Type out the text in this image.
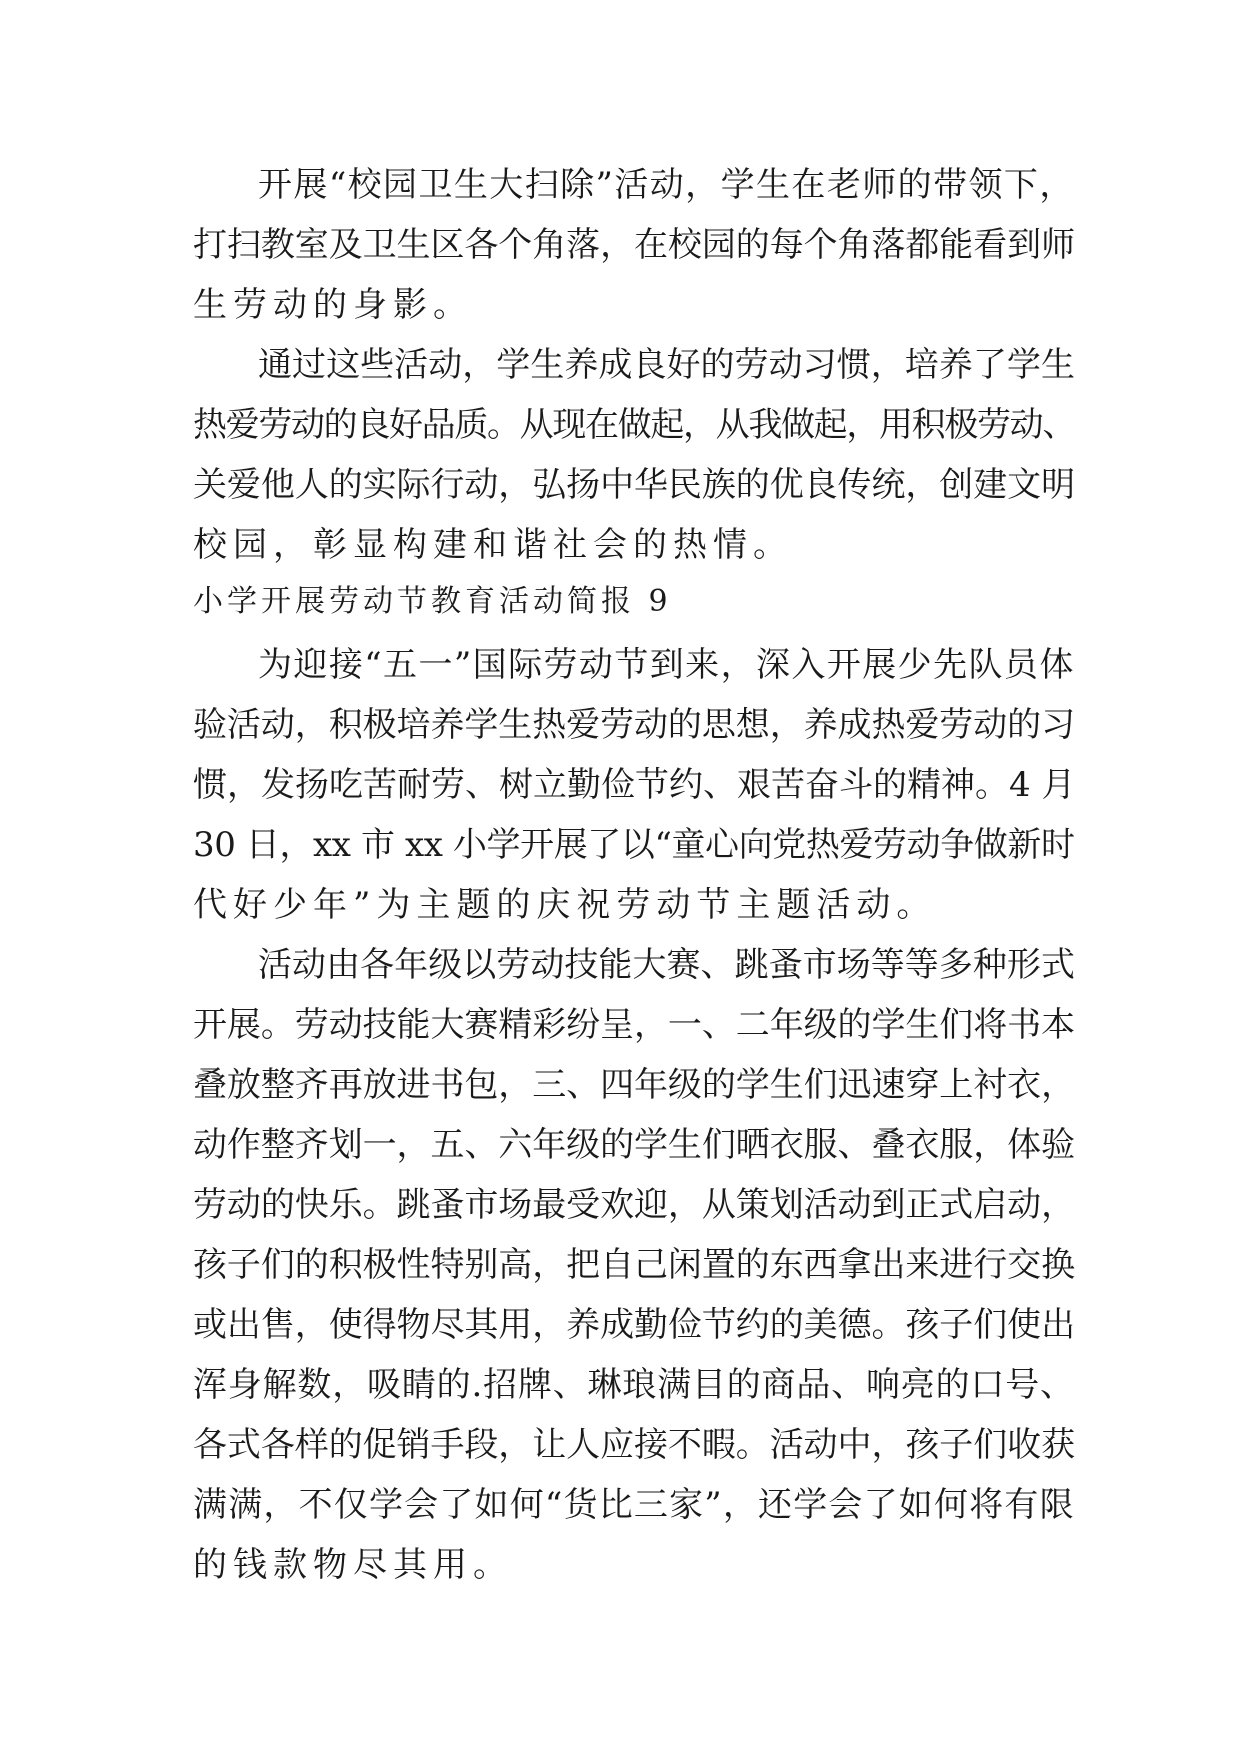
开展“校园卫生大扫除”活动，学生在老师的带领下，
打扫教室及卫生区各个角落，在校园的每个角落都能看到师
生劳动的身影。
通过这些活动，学生养成良好的劳动习惯，培养了学生
热爱劳动的良好品质。从现在做起，从我做起，用积极劳动、
关爱他人的实际行动，弘扬中华民族的优良传统，创建文明
校园，彰显构建和谐社会的热情。
小学开展劳动节教育活动简报 9
为迎接“五一”国际劳动节到来，深入开展少先队员体
验活动，积极培养学生热爱劳动的思想，养成热爱劳动的习
惯，发扬吃苦耐劳、树立勤俭节约、艰苦奋斗的精神。4 月
30 日，xx 市 xx 小学开展了以“童心向党热爱劳动争做新时
代好少年”为主题的庆祝劳动节主题活动。
活动由各年级以劳动技能大赛、跳蚤市场等等多种形式
开展。劳动技能大赛精彩纷呈，一、二年级的学生们将书本
叠放整齐再放进书包，三、四年级的学生们迅速穿上衬衣，
动作整齐划一，五、六年级的学生们晒衣服、叠衣服，体验
劳动的快乐。跳蚤市场最受欢迎，从策划活动到正式启动，
孩子们的积极性特别高，把自己闲置的东西拿出来进行交换
或出售，使得物尽其用，养成勤俭节约的美德。孩子们使出
浑身解数，吸睛的.招牌、琳琅满目的商品、响亮的口号、
各式各样的促销手段，让人应接不暇。活动中，孩子们收获
满满，不仅学会了如何“货比三家”，还学会了如何将有限
的钱款物尽其用。
